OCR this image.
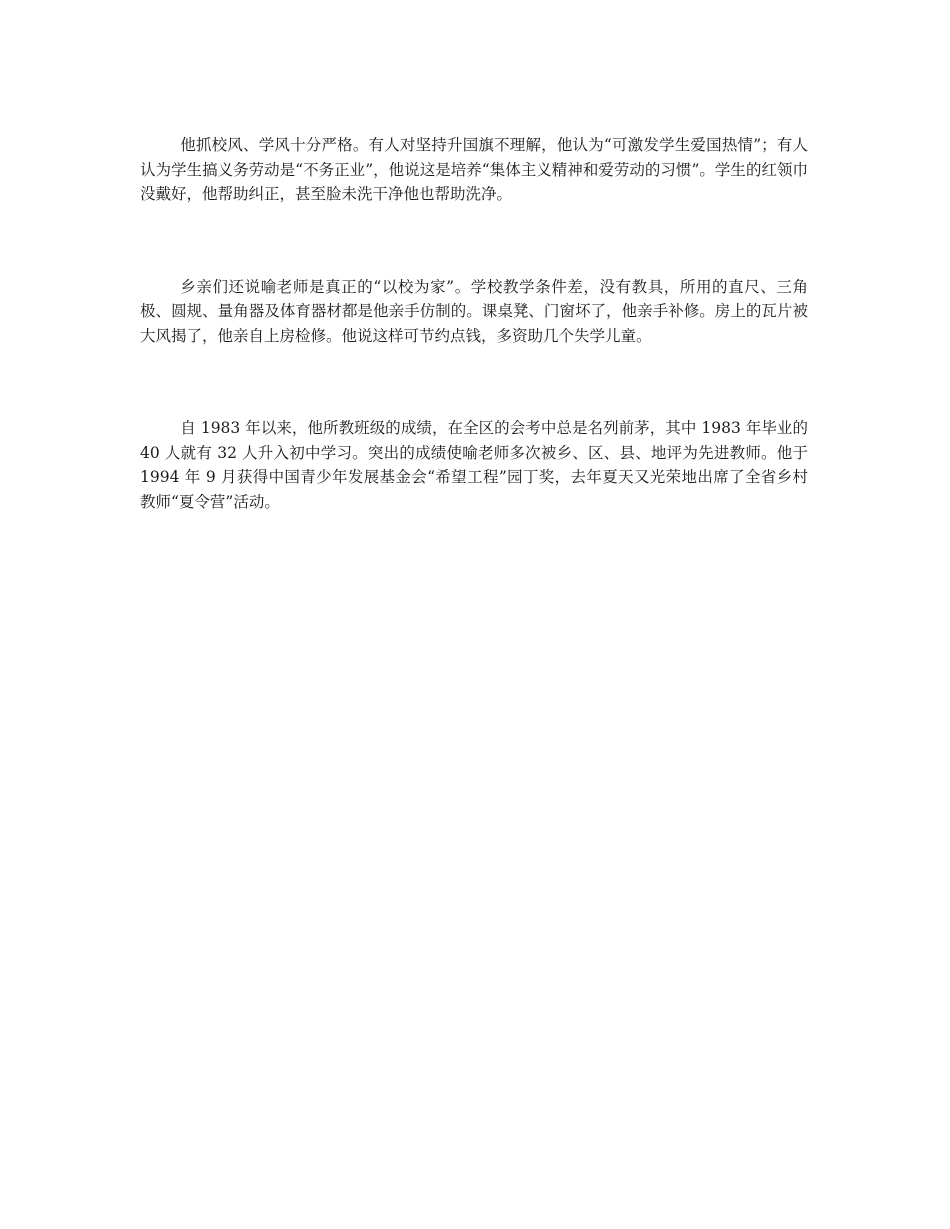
他抓校风、学风十分严格。有人对坚持升国旗不理解，他认为“可激发学生爱国热情”；有人认为学生搞义务劳动是“不务正业”，他说这是培养“集体主义精神和爱劳动的习惯”。学生的红领巾没戴好，他帮助纠正，甚至脸未洗干净他也帮助洗净。

乡亲们还说喻老师是真正的“以校为家”。学校教学条件差，没有教具，所用的直尺、三角极、圆规、量角器及体育器材都是他亲手仿制的。课桌凳、门窗坏了，他亲手补修。房上的瓦片被大风揭了，他亲自上房检修。他说这样可节约点钱，多资助几个失学儿童。

自 1983 年以来，他所教班级的成绩，在全区的会考中总是名列前茅，其中 1983 年毕业的 40 人就有 32 人升入初中学习。突出的成绩使喻老师多次被乡、区、县、地评为先进教师。他于 1994 年 9 月获得中国青少年发展基金会“希望工程”园丁奖，去年夏天又光荣地出席了全省乡村教师“夏令营”活动。
